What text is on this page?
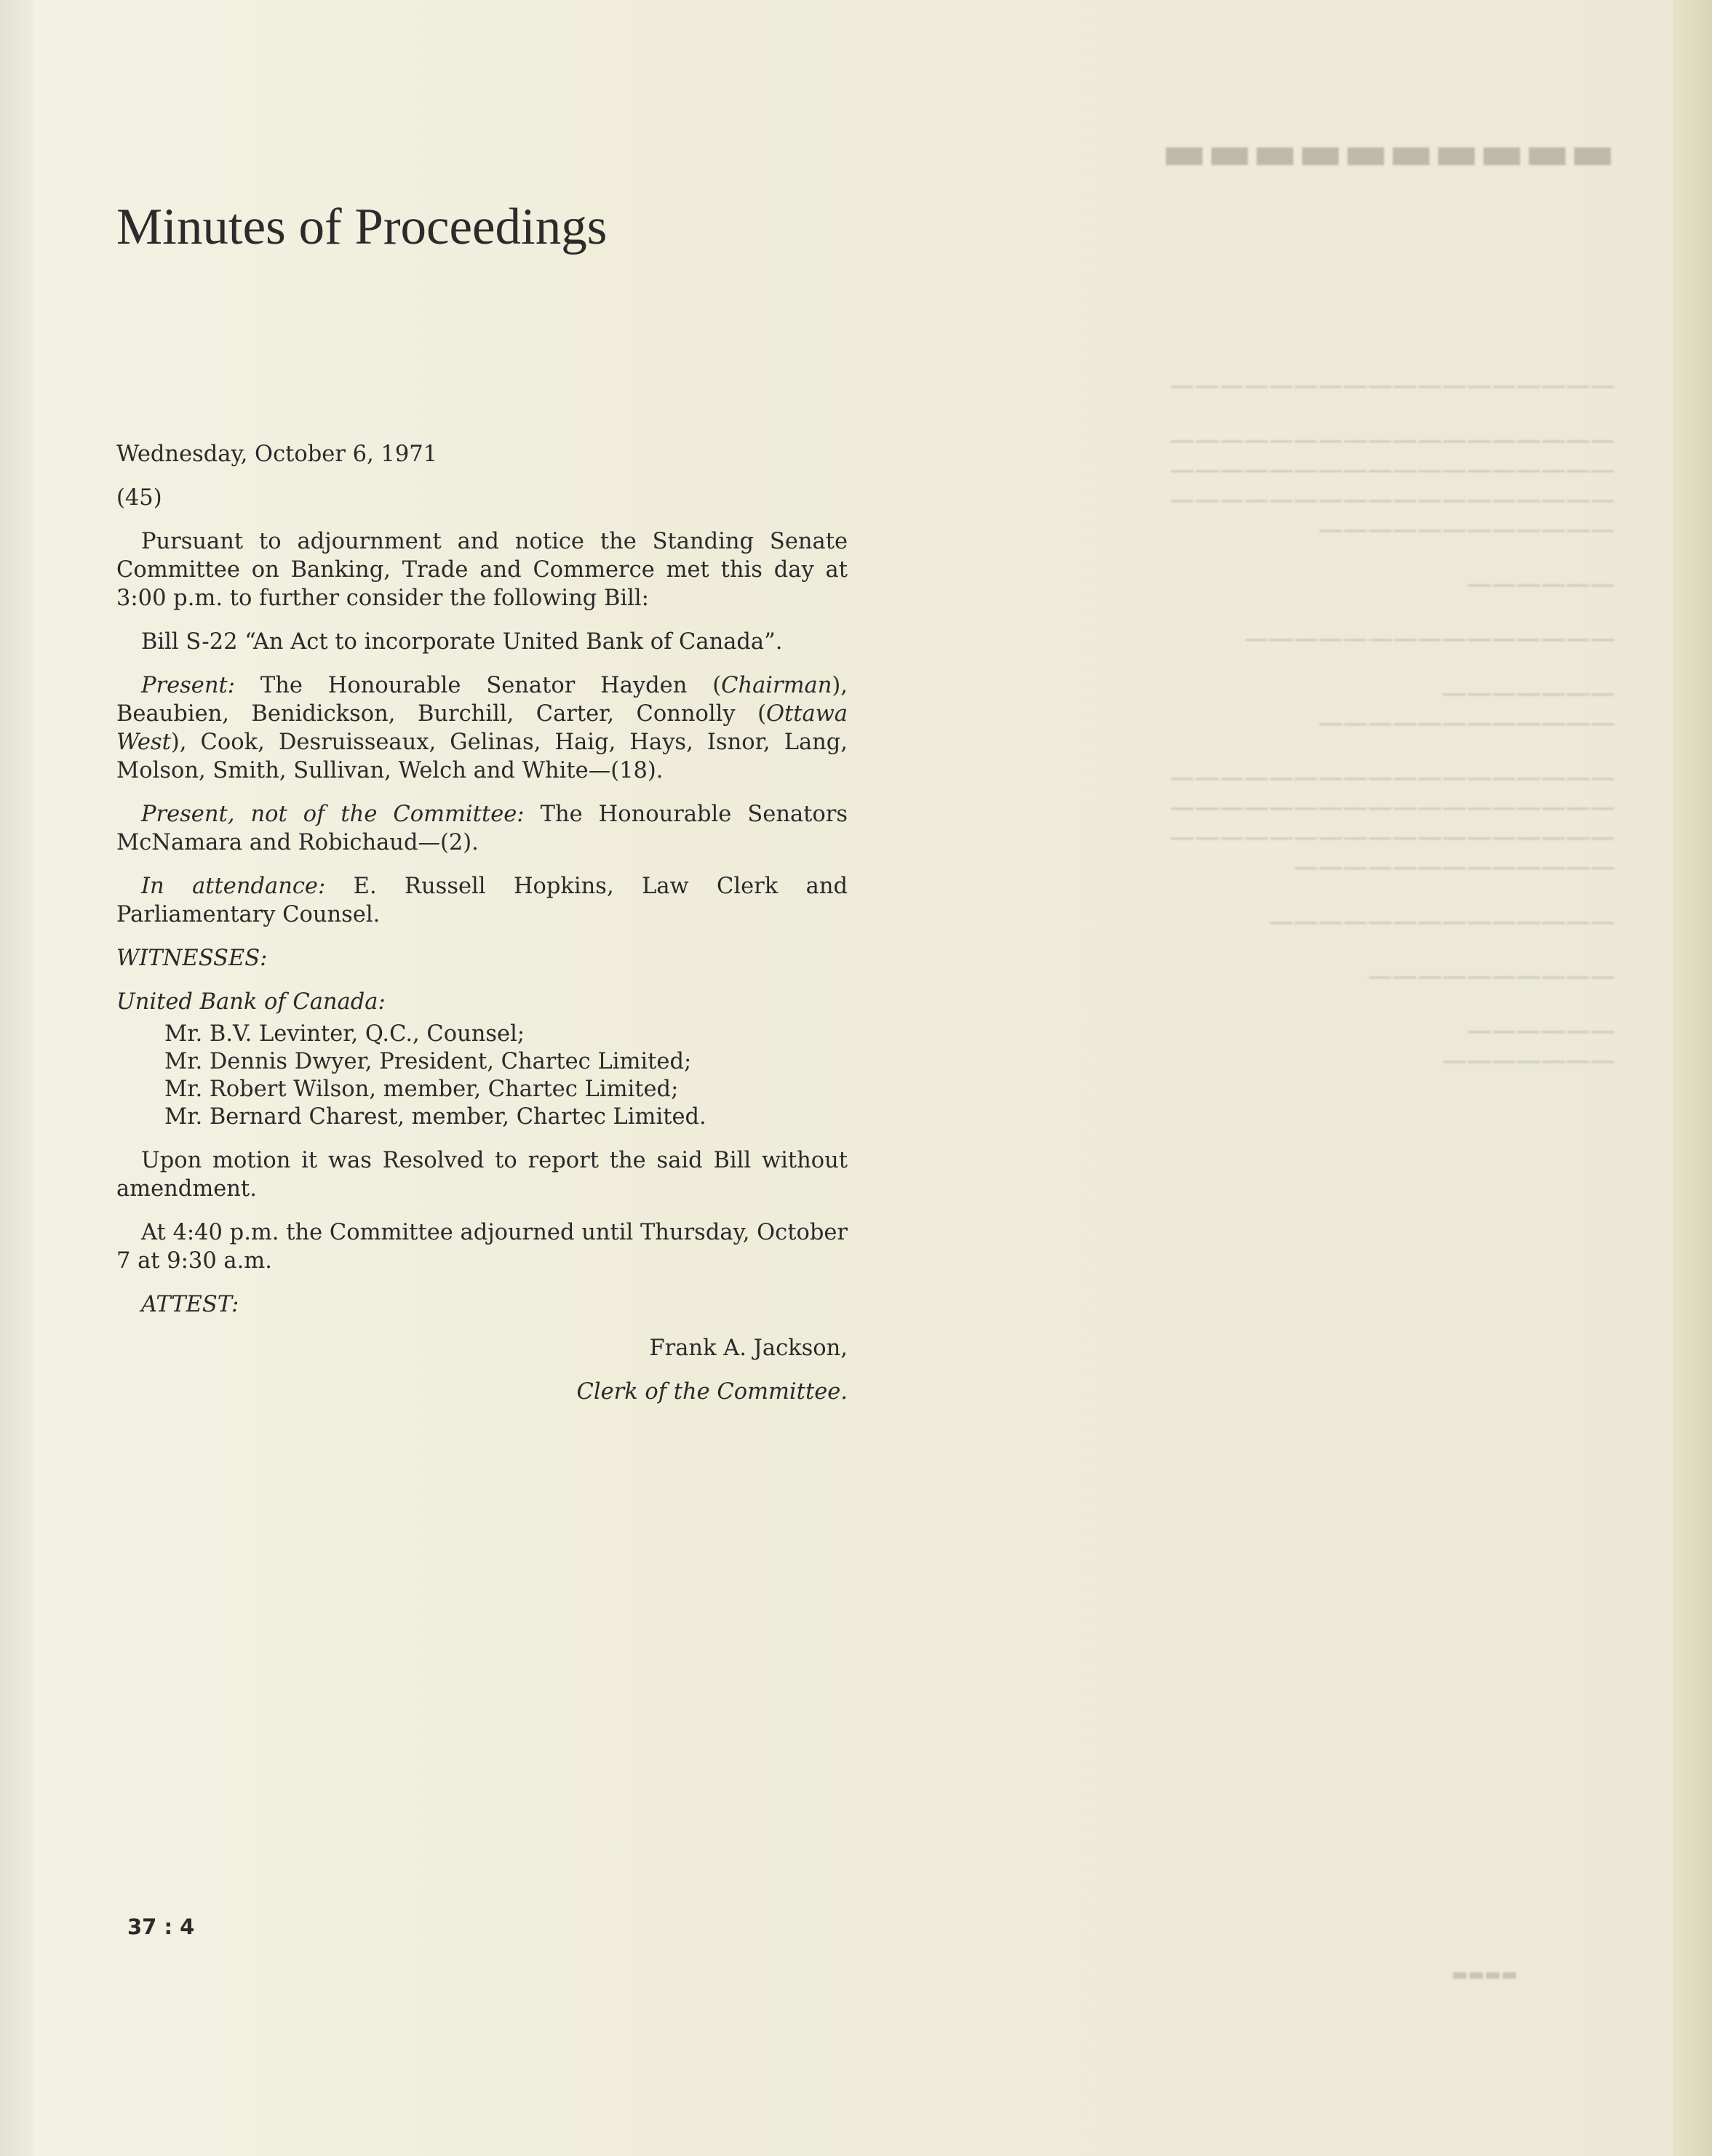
▬▬▬▬▬▬▬▬▬▬

——————————————————

——————————————————
——————————————————
——————————————————
————————————

——————

———————————————

———————
————————————

——————————————————
——————————————————
——————————————————
—————————————

——————————————

——————————

——————
———————

Minutes of Proceedings

Wednesday, October 6, 1971

(45)

Pursuant to adjournment and notice the Standing Senate Committee on Banking, Trade and Commerce met this day at 3:00 p.m. to further consider the following Bill:

Bill S-22 “An Act to incorporate United Bank of Canada”.

Present: The Honourable Senator Hayden (Chairman), Beaubien, Benidickson, Burchill, Carter, Connolly (Ottawa West), Cook, Desruisseaux, Gelinas, Haig, Hays, Isnor, Lang, Molson, Smith, Sullivan, Welch and White—(18).

Present, not of the Committee: The Honourable Senators McNamara and Robichaud—(2).

In attendance: E. Russell Hopkins, Law Clerk and Parliamentary Counsel.

WITNESSES:

United Bank of Canada:

Mr. B.V. Levinter, Q.C., Counsel;
Mr. Dennis Dwyer, President, Chartec Limited;
Mr. Robert Wilson, member, Chartec Limited;
Mr. Bernard Charest, member, Chartec Limited.

Upon motion it was Resolved to report the said Bill without amendment.

At 4:40 p.m. the Committee adjourned until Thursday, October 7 at 9:30 a.m.

ATTEST:

Frank A. Jackson,

Clerk of the Committee.

37 : 4
▬▬▬▬
